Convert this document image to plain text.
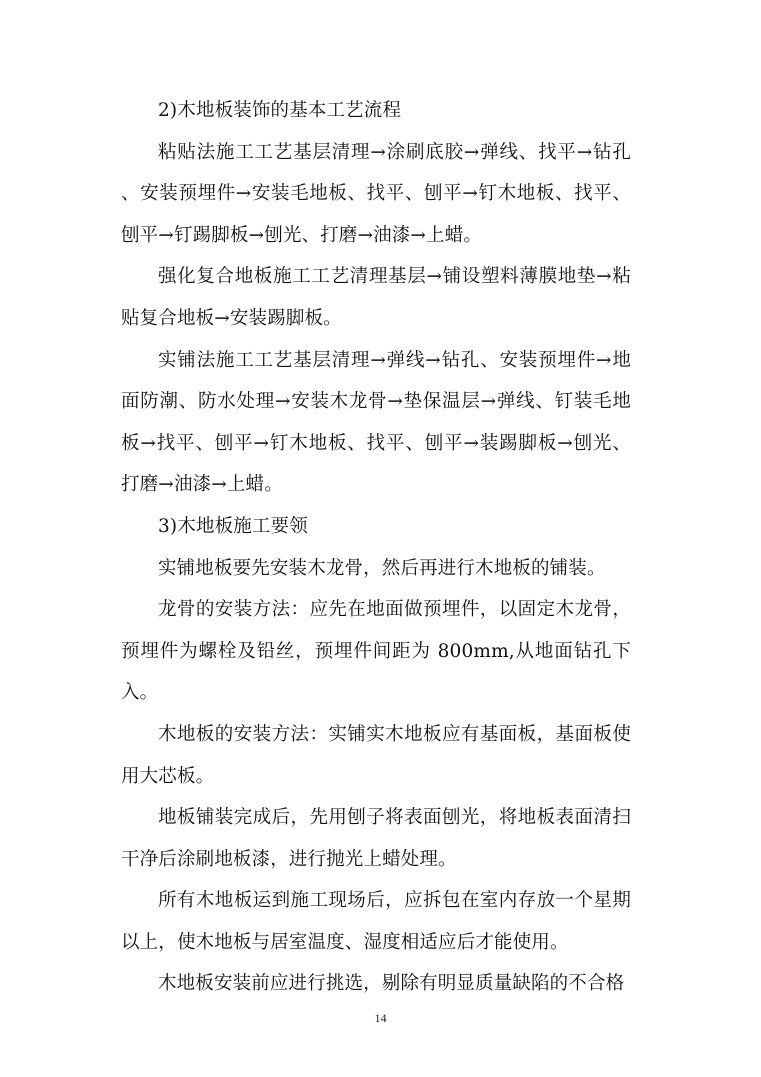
2)木地板装饰的基本工艺流程

粘贴法施工工艺基层清理→涂刷底胶→弹线、找平→钻孔、安装预埋件→安装毛地板、找平、刨平→钉木地板、找平、刨平→钉踢脚板→刨光、打磨→油漆→上蜡。

强化复合地板施工工艺清理基层→铺设塑料薄膜地垫→粘贴复合地板→安装踢脚板。

实铺法施工工艺基层清理→弹线→钻孔、安装预埋件→地面防潮、防水处理→安装木龙骨→垫保温层→弹线、钉装毛地板→找平、刨平→钉木地板、找平、刨平→装踢脚板→刨光、打磨→油漆→上蜡。

3)木地板施工要领

实铺地板要先安装木龙骨，然后再进行木地板的铺装。

龙骨的安装方法：应先在地面做预埋件，以固定木龙骨，预埋件为螺栓及铅丝，预埋件间距为 800mm,从地面钻孔下入。

木地板的安装方法：实铺实木地板应有基面板，基面板使用大芯板。

地板铺装完成后，先用刨子将表面刨光，将地板表面清扫干净后涂刷地板漆，进行抛光上蜡处理。

所有木地板运到施工现场后，应拆包在室内存放一个星期以上，使木地板与居室温度、湿度相适应后才能使用。

木地板安装前应进行挑选，剔除有明显质量缺陷的不合格

14
